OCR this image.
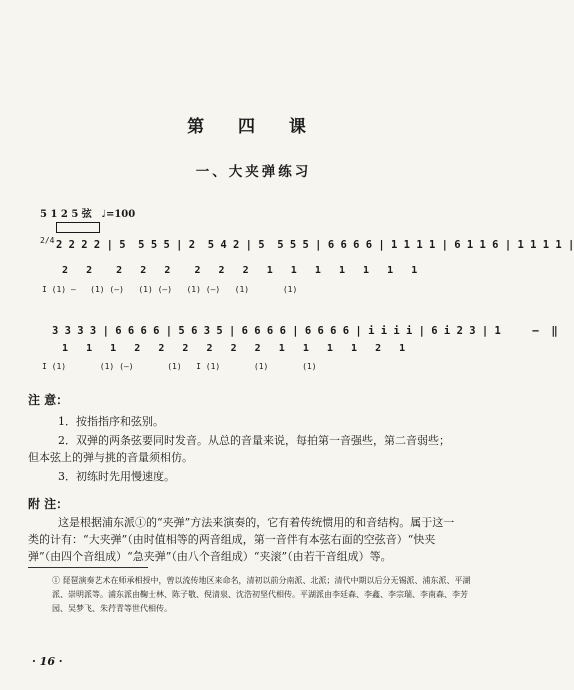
第 四 课
一、大夹弹练习
5 1 2 5 弦 ♩=100
2/4 2 2 2 2 | 5  5 5 5 | 2  5 4 2 | 5  5 5 5 | 6 6 6 6 | 1 1 1 1 | 6 1 1 6 | 1 1 1 1 |
2   2    2   2   2    2   2   2   1   1   1   1   1   1   1
I (1) –   (1) (–)   (1) (–)   (1) (–)   (1)       (1)
3 3 3 3 | 6 6 6 6 | 5 6 3 5 | 6 6 6 6 | 6 6 6 6 | i i i i | 6 i 2 3 | 1     –  ‖
1   1   1   2   2   2   2   2   2   1   1   1   1   2   1
I (1)       (1) (–)       (1)   I (1)       (1)       (1)
注 意：
1．按指指序和弦别。
2．双弹的两条弦要同时发音。从总的音量来说，每拍第一音强些，第二音弱些；但本弦上的弹与挑的音量须相仿。
3．初练时先用慢速度。
附 注：
这是根据浦东派①的“夹弹”方法来演奏的，它有着传统惯用的和音结构。属于这一类的计有：“大夹弹”（由时值相等的两音组成，第一音伴有本弦右面的空弦音）“快夹弹”（由四个音组成）“急夹弹”（由八个音组成）“夹滚”（由若干音组成）等。
① 琵琶演奏艺术在师承相授中，曾以流传地区来命名，清初以前分南派、北派；清代中期以后分无锡派、浦东派、平湖派、崇明派等。浦东派由鞠士林、陈子敬、倪清泉、沈浩初坚代相传。平湖派由李廷森、李鑫、李宗瑞、李南森、李芳园、吴梦飞、朱荇青等世代相传。
· 16 ·
